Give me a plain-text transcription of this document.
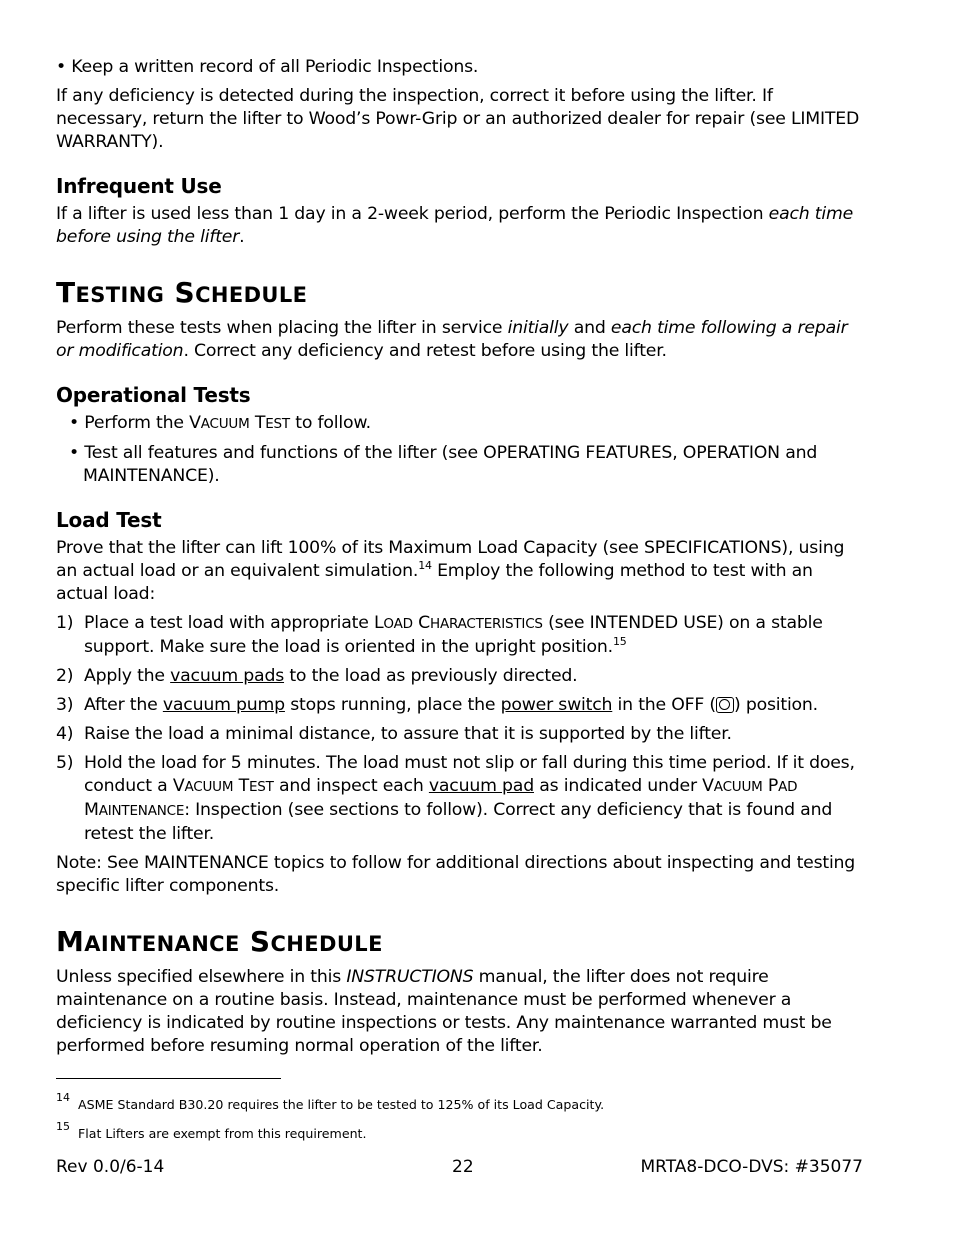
• Keep a written record of all Periodic Inspections.

If any deficiency is detected during the inspection, correct it before using the lifter. If necessary, return the lifter to Wood’s Powr-Grip or an authorized dealer for repair (see LIMITED WARRANTY).

Infrequent Use

If a lifter is used less than 1 day in a 2-week period, perform the Periodic Inspection each time before using the lifter.

TESTING SCHEDULE

Perform these tests when placing the lifter in service initially and each time following a repair or modification. Correct any deficiency and retest before using the lifter.

Operational Tests

• Perform the VACUUM TEST to follow.

• Test all features and functions of the lifter (see OPERATING FEATURES, OPERATION and MAINTENANCE).

Load Test

Prove that the lifter can lift 100% of its Maximum Load Capacity (see SPECIFICATIONS), using an actual load or an equivalent simulation.$^{14}$ Employ the following method to test with an actual load:

1) Place a test load with appropriate LOAD CHARACTERISTICS (see INTENDED USE) on a stable support. Make sure the load is oriented in the upright position.$^{15}$
2) Apply the vacuum pads to the load as previously directed.
3) After the vacuum pump stops running, place the power switch in the OFF ( ) position.
4) Raise the load a minimal distance, to assure that it is supported by the lifter.
5) Hold the load for 5 minutes. The load must not slip or fall during this time period. If it does, conduct a VACUUM TEST and inspect each vacuum pad as indicated under VACUUM PAD
MAINTENANCE: Inspection (see sections to follow). Correct any deficiency that is found and retest the lifter.

Note: See MAINTENANCE topics to follow for additional directions about inspecting and testing specific lifter components.

MAINTENANCE SCHEDULE

Unless specified elsewhere in this INSTRUCTIONS manual, the lifter does not require maintenance on a routine basis. Instead, maintenance must be performed whenever a deficiency is indicated by routine inspections or tests. Any maintenance warranted must be performed before resuming normal operation of the lifter.

$^{14}$ ASME Standard B30.20 requires the lifter to be tested to 125% of its Load Capacity.
$^{15}$ Flat Lifters are exempt from this requirement.
Rev 0.0/6-14	22	MRTA8-DCO-DVS: #35077
